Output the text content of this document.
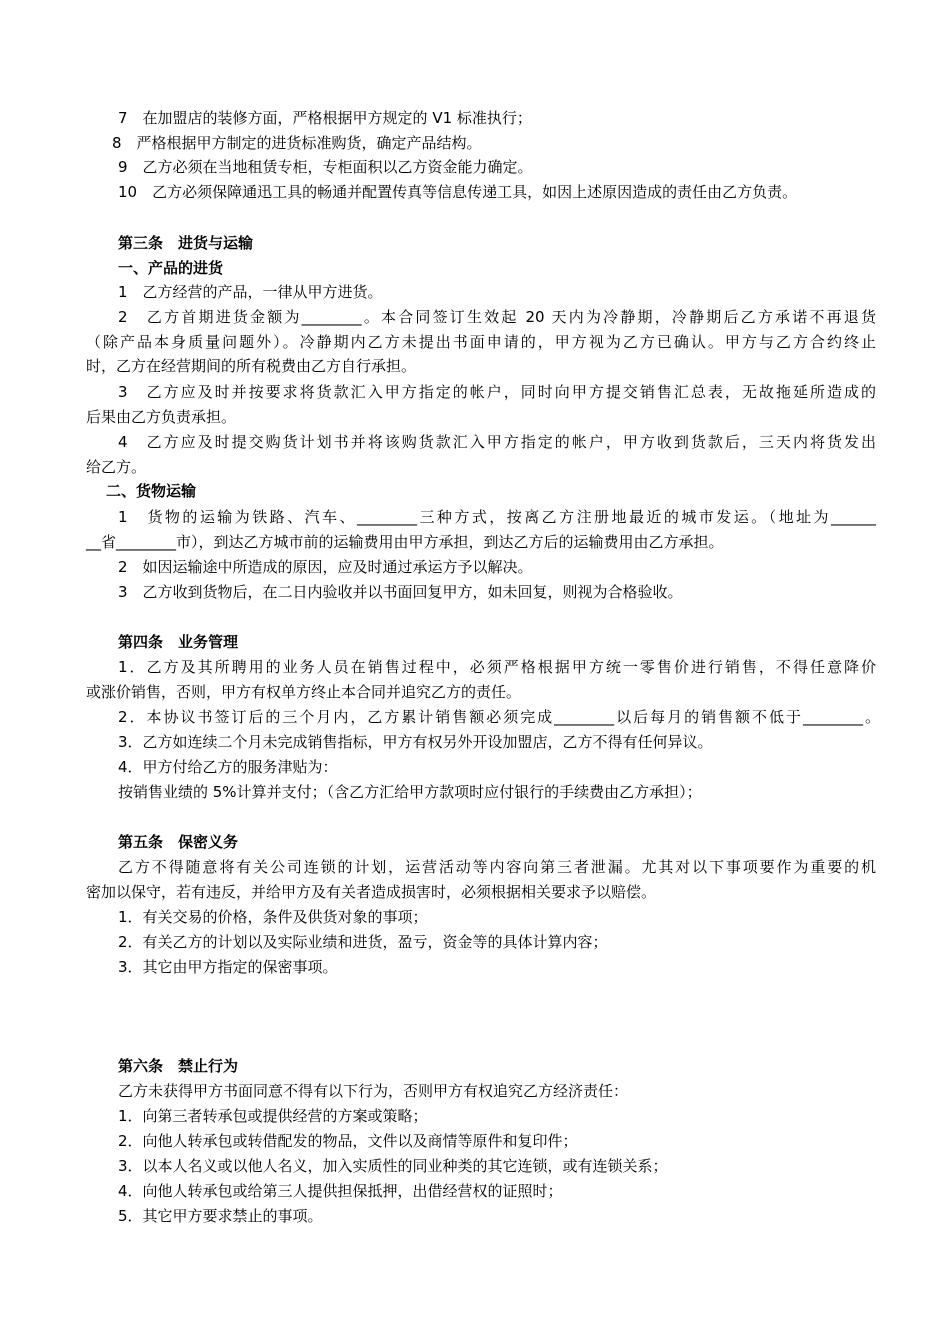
7　在加盟店的装修方面，严格根据甲方规定的 V1 标准执行；
8　严格根据甲方制定的进货标准购货，确定产品结构。
9　乙方必须在当地租赁专柜，专柜面积以乙方资金能力确定。
10　乙方必须保障通迅工具的畅通并配置传真等信息传递工具，如因上述原因造成的责任由乙方负责。
第三条　进货与运输
一、产品的进货
1　乙方经营的产品，一律从甲方进货。
2　乙方首期进货金额为________。本合同签订生效起 20 天内为冷静期，冷静期后乙方承诺不再退货
（除产品本身质量问题外）。冷静期内乙方未提出书面申请的，甲方视为乙方已确认。甲方与乙方合约终止
时，乙方在经营期间的所有税费由乙方自行承担。
3　乙方应及时并按要求将货款汇入甲方指定的帐户，同时向甲方提交销售汇总表，无故拖延所造成的
后果由乙方负责承担。
4　乙方应及时提交购货计划书并将该购货款汇入甲方指定的帐户，甲方收到货款后，三天内将货发出
给乙方。
二、货物运输
1　货物的运输为铁路、汽车、________三种方式，按离乙方注册地最近的城市发运。（地址为______
__省________市），到达乙方城市前的运输费用由甲方承担，到达乙方后的运输费用由乙方承担。
2　如因运输途中所造成的原因，应及时通过承运方予以解决。
3　乙方收到货物后，在二日内验收并以书面回复甲方，如未回复，则视为合格验收。
第四条　业务管理
1．乙方及其所聘用的业务人员在销售过程中，必须严格根据甲方统一零售价进行销售，不得任意降价
或涨价销售，否则，甲方有权单方终止本合同并追究乙方的责任。
2．本协议书签订后的三个月内，乙方累计销售额必须完成________以后每月的销售额不低于________。
3．乙方如连续二个月未完成销售指标，甲方有权另外开设加盟店，乙方不得有任何异议。
4．甲方付给乙方的服务津贴为：
按销售业绩的 5%计算并支付；（含乙方汇给甲方款项时应付银行的手续费由乙方承担）；
第五条　保密义务
乙方不得随意将有关公司连锁的计划，运营活动等内容向第三者泄漏。尤其对以下事项要作为重要的机
密加以保守，若有违反，并给甲方及有关者造成损害时，必须根据相关要求予以赔偿。
1．有关交易的价格，条件及供货对象的事项；
2．有关乙方的计划以及实际业绩和进货，盈亏，资金等的具体计算内容；
3．其它由甲方指定的保密事项。
第六条　禁止行为
乙方未获得甲方书面同意不得有以下行为，否则甲方有权追究乙方经济责任：
1．向第三者转承包或提供经营的方案或策略；
2．向他人转承包或转借配发的物品，文件以及商情等原件和复印件；
3．以本人名义或以他人名义，加入实质性的同业种类的其它连锁，或有连锁关系；
4．向他人转承包或给第三人提供担保抵押，出借经营权的证照时；
5．其它甲方要求禁止的事项。
